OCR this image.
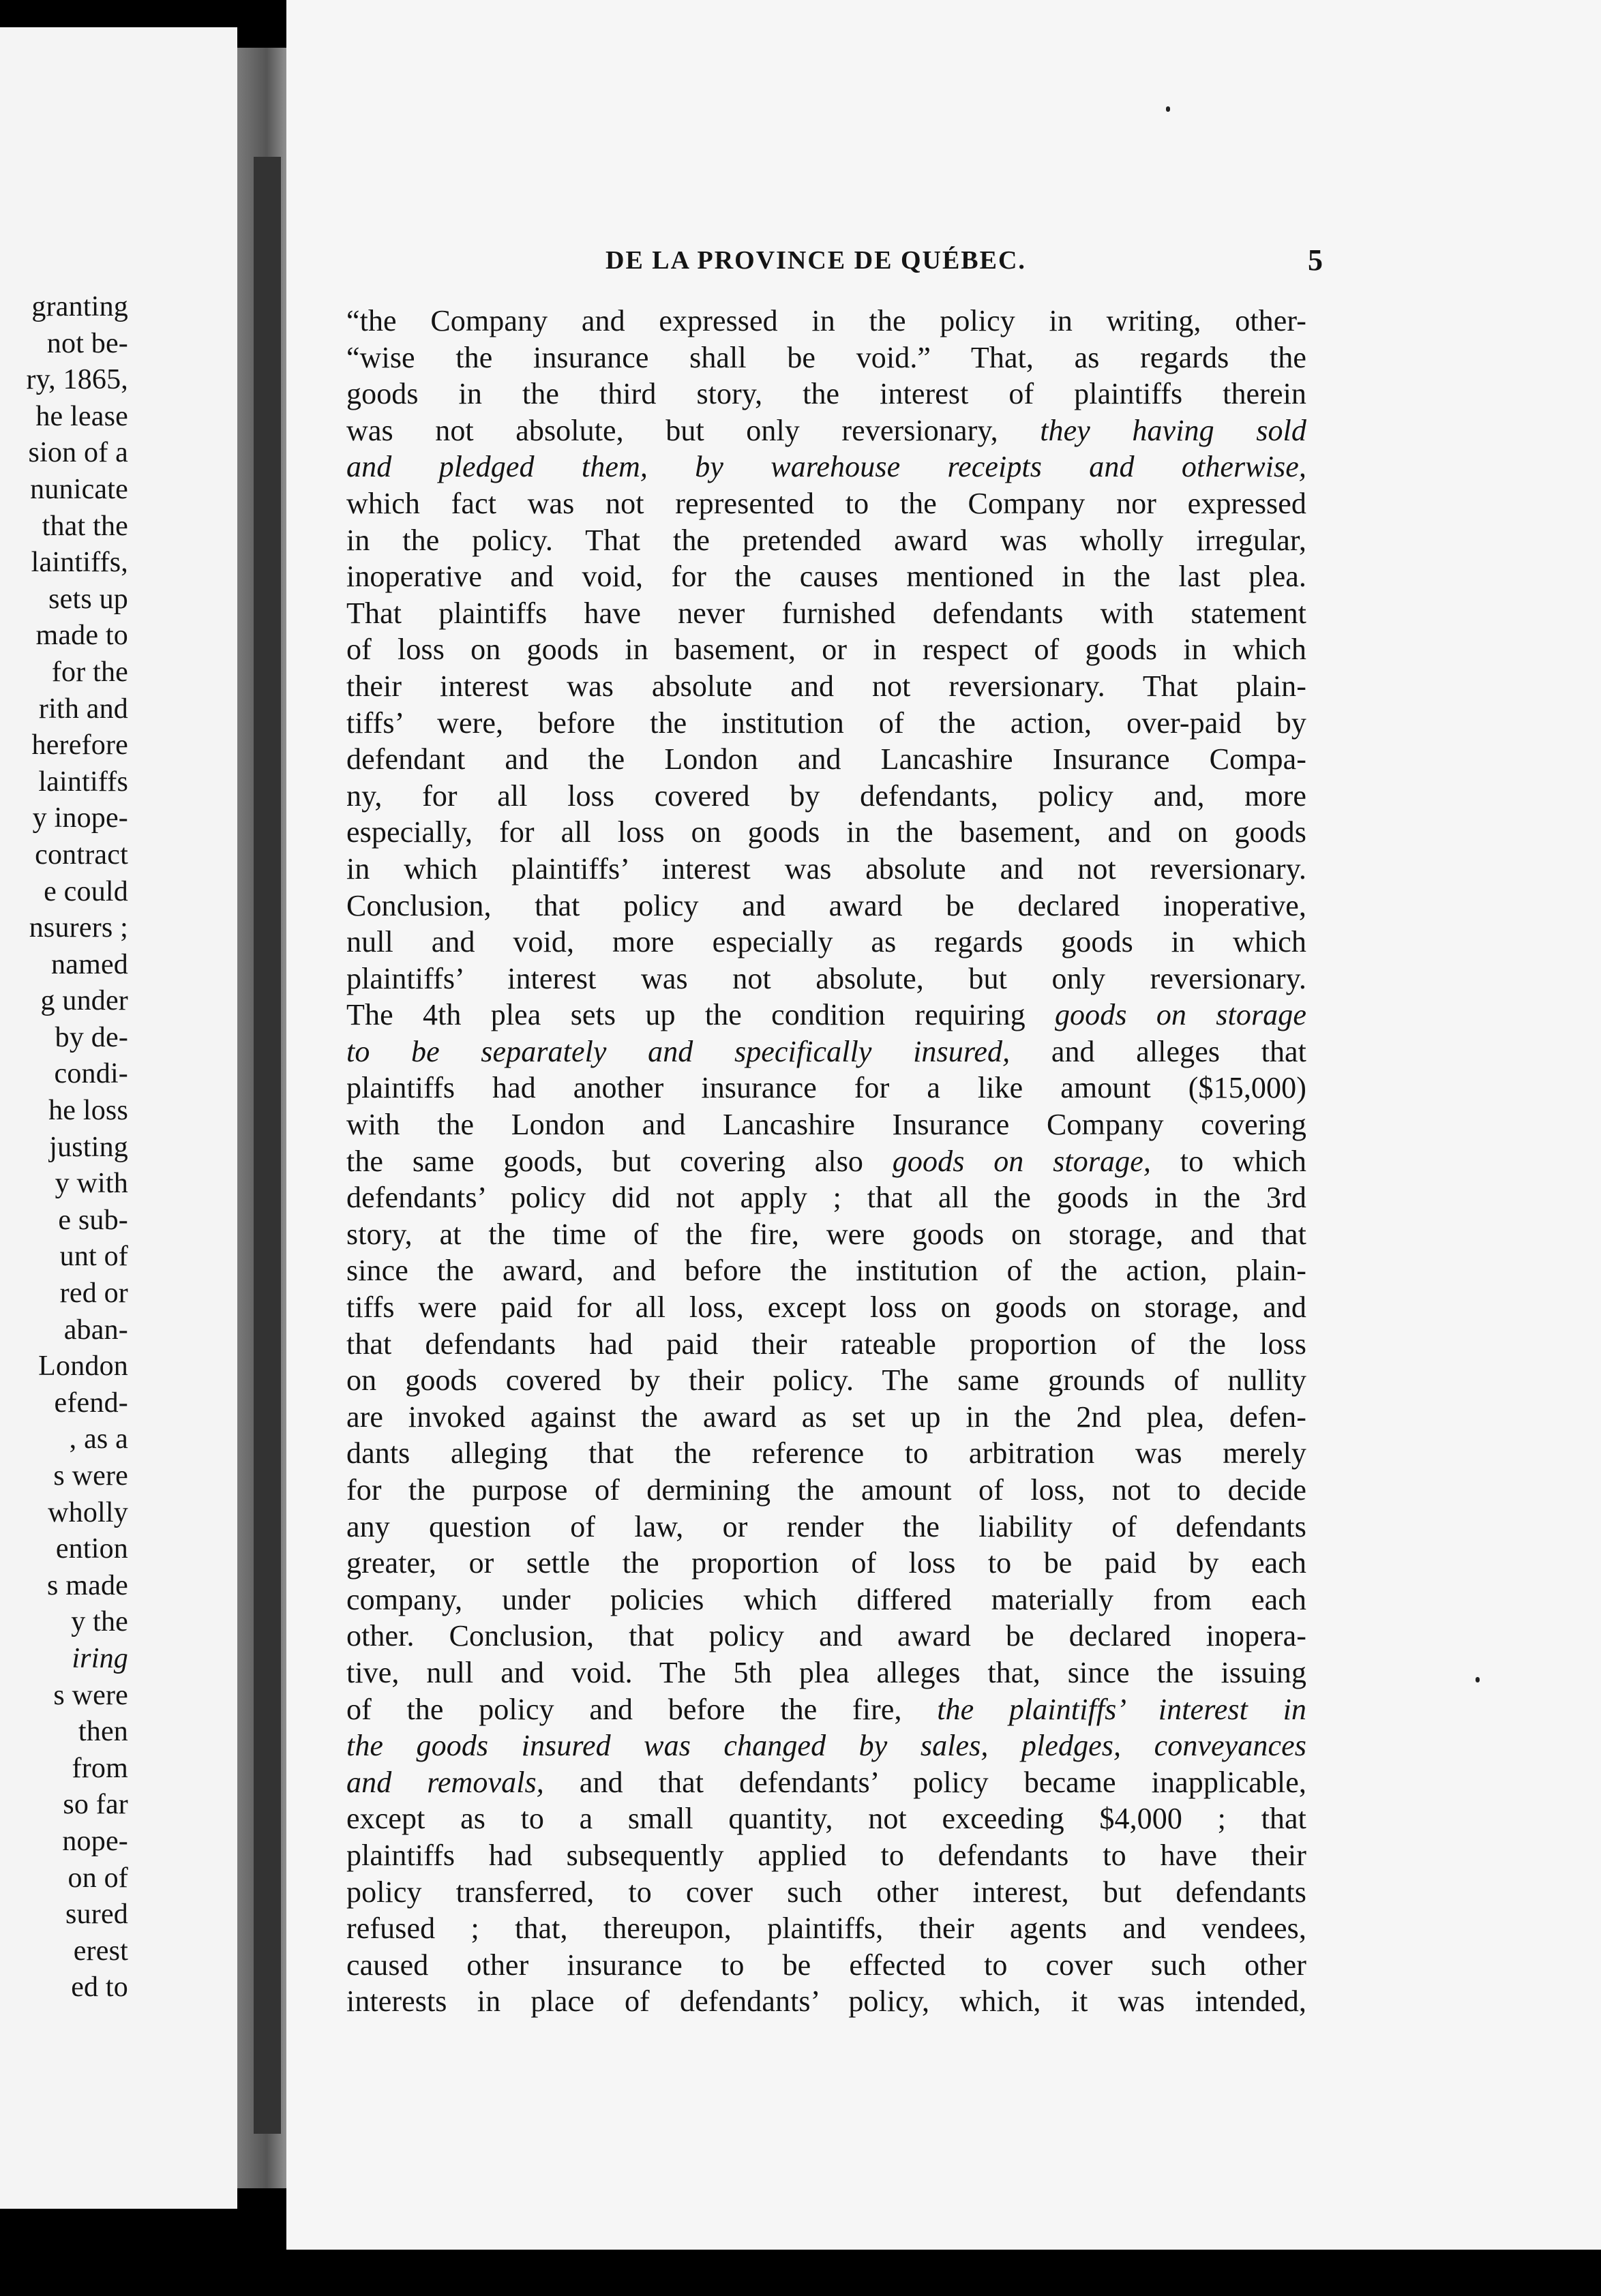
granting
not be-
ry, 1865,
he lease
sion of a
nunicate
that the
laintiffs,
sets up
made to
for the
rith and
herefore
laintiffs
y inope-
contract
e could
nsurers ;
named
g under
by de-
condi-
he loss
justing
y with
e sub-
unt of
red or
aban-
London
efend-
, as a
s were
wholly
ention
s made
y the
iring
s were
then
from
so far
nope-
on of
sured
erest
ed to
DE LA PROVINCE DE QUÉBEC.	5
“the Company and expressed in the policy in writing, other-
“wise the insurance shall be void.” That, as regards the
goods in the third story, the interest of plaintiffs therein
was not absolute, but only reversionary, they having sold
and pledged them, by warehouse receipts and otherwise,
which fact was not represented to the Company nor expressed
in the policy. That the pretended award was wholly irregular,
inoperative and void, for the causes mentioned in the last plea.
That plaintiffs have never furnished defendants with statement
of loss on goods in basement, or in respect of goods in which
their interest was absolute and not reversionary. That plain-
tiffs’ were, before the institution of the action, over-paid by
defendant and the London and Lancashire Insurance Compa-
ny, for all loss covered by defendants, policy and, more
especially, for all loss on goods in the basement, and on goods
in which plaintiffs’ interest was absolute and not reversionary.
Conclusion, that policy and award be declared inoperative,
null and void, more especially as regards goods in which
plaintiffs’ interest was not absolute, but only reversionary.
The 4th plea sets up the condition requiring goods on storage
to be separately and specifically insured, and alleges that
plaintiffs had another insurance for a like amount ($15,000)
with the London and Lancashire Insurance Company covering
the same goods, but covering also goods on storage, to which
defendants’ policy did not apply ; that all the goods in the 3rd
story, at the time of the fire, were goods on storage, and that
since the award, and before the institution of the action, plain-
tiffs were paid for all loss, except loss on goods on storage, and
that defendants had paid their rateable proportion of the loss
on goods covered by their policy. The same grounds of nullity
are invoked against the award as set up in the 2nd plea, defen-
dants alleging that the reference to arbitration was merely
for the purpose of dermining the amount of loss, not to decide
any question of law, or render the liability of defendants
greater, or settle the proportion of loss to be paid by each
company, under policies which differed materially from each
other. Conclusion, that policy and award be declared inopera-
tive, null and void. The 5th plea alleges that, since the issuing
of the policy and before the fire, the plaintiffs’ interest in
the goods insured was changed by sales, pledges, conveyances
and removals, and that defendants’ policy became inapplicable,
except as to a small quantity, not exceeding $4,000 ; that
plaintiffs had subsequently applied to defendants to have their
policy transferred, to cover such other interest, but defendants
refused ; that, thereupon, plaintiffs, their agents and vendees,
caused other insurance to be effected to cover such other
interests in place of defendants’ policy, which, it was intended,
